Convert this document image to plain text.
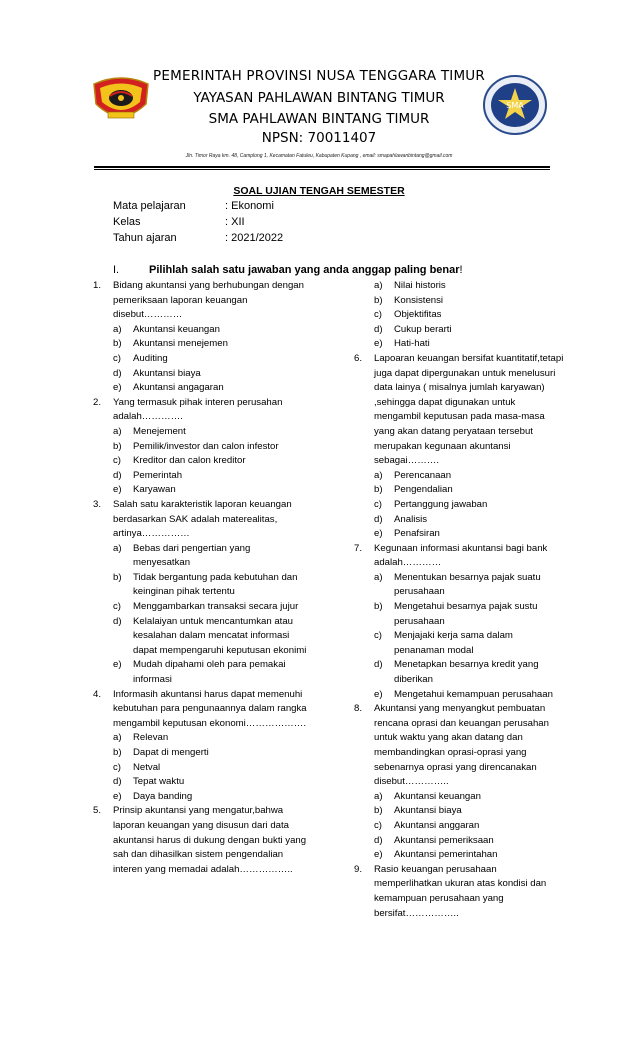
SMA
PEMERINTAH PROVINSI NUSA TENGGARA TIMUR
YAYASAN PAHLAWAN BINTANG TIMUR
SMA PAHLAWAN BINTANG TIMUR
NPSN: 70011407
Jln. Timor Raya km. 48, Camplong 1, Kecamatan Fatuleu, Kabupaten Kupang , email: smapahlawanbintang@gmail.com
SOAL UJIAN TENGAH SEMESTER
Mata pelajaran	: Ekonomi
Kelas	: XII
Tahun ajaran	: 2021/2022
I.	Pilihlah salah satu jawaban yang anda anggap paling benar!
1. Bidang akuntansi yang berhubungan dengan pemeriksaan laporan keuangan disebut…………
a) Akuntansi keuangan
b) Akuntansi menejemen
c) Auditing
d) Akuntansi biaya
e) Akuntansi angagaran
2. Yang termasuk pihak interen perusahan adalah………….
a) Menejement
b) Pemilik/investor dan calon infestor
c) Kreditor dan calon kreditor
d) Pemerintah
e) Karyawan
3. Salah satu karakteristik laporan keuangan berdasarkan SAK adalah materealitas, artinya……………
a) Bebas dari pengertian yang menyesatkan
b) Tidak bergantung pada kebutuhan dan keinginan pihak tertentu
c) Menggambarkan transaksi secara jujur
d) Kelalaiyan untuk mencantumkan atau kesalahan dalam mencatat informasi dapat mempengaruhi keputusan ekonimi
e) Mudah dipahami oleh para pemakai informasi
4. Informasih akuntansi harus dapat memenuhi kebutuhan para pengunaannya dalam rangka mengambil keputusan ekonomi……………….
a) Relevan
b) Dapat di mengerti
c) Netval
d) Tepat waktu
e) Daya banding
5. Prinsip akuntansi yang mengatur,bahwa laporan keuangan yang disusun dari data akuntansi harus di dukung dengan bukti yang sah dan dihasilkan sistem pengendalian interen yang memadai adalah……………..
a) Nilai historis
b) Konsistensi
c) Objektifitas
d) Cukup berarti
e) Hati-hati
6. Lapoaran keuangan bersifat kuantitatif,tetapi juga dapat dipergunakan untuk menelusuri data lainya ( misalnya jumlah karyawan) ,sehingga dapat digunakan untuk mengambil keputusan pada masa-masa yang akan datang peryataan tersebut merupakan kegunaan akuntansi sebagai……….
a) Perencanaan
b) Pengendalian
c) Pertanggung jawaban
d) Analisis
e) Penafsiran
7. Kegunaan informasi akuntansi bagi bank adalah…………
a) Menentukan besarnya pajak suatu perusahaan
b) Mengetahui besarnya pajak sustu perusahaan
c) Menjajaki kerja sama dalam penanaman modal
d) Menetapkan besarnya kredit yang diberikan
e) Mengetahui kemampuan perusahaan
8. Akuntansi yang menyangkut pembuatan rencana oprasi dan keuangan perusahan untuk waktu yang akan datang dan membandingkan oprasi-oprasi yang sebenarnya oprasi yang direncanakan disebut…………..
a) Akuntansi keuangan
b) Akuntansi biaya
c) Akuntansi anggaran
d) Akuntansi pemeriksaan
e) Akuntansi pemerintahan
9. Rasio keuangan perusahaan memperlihatkan ukuran atas kondisi dan kemampuan perusahaan yang bersifat……………..
